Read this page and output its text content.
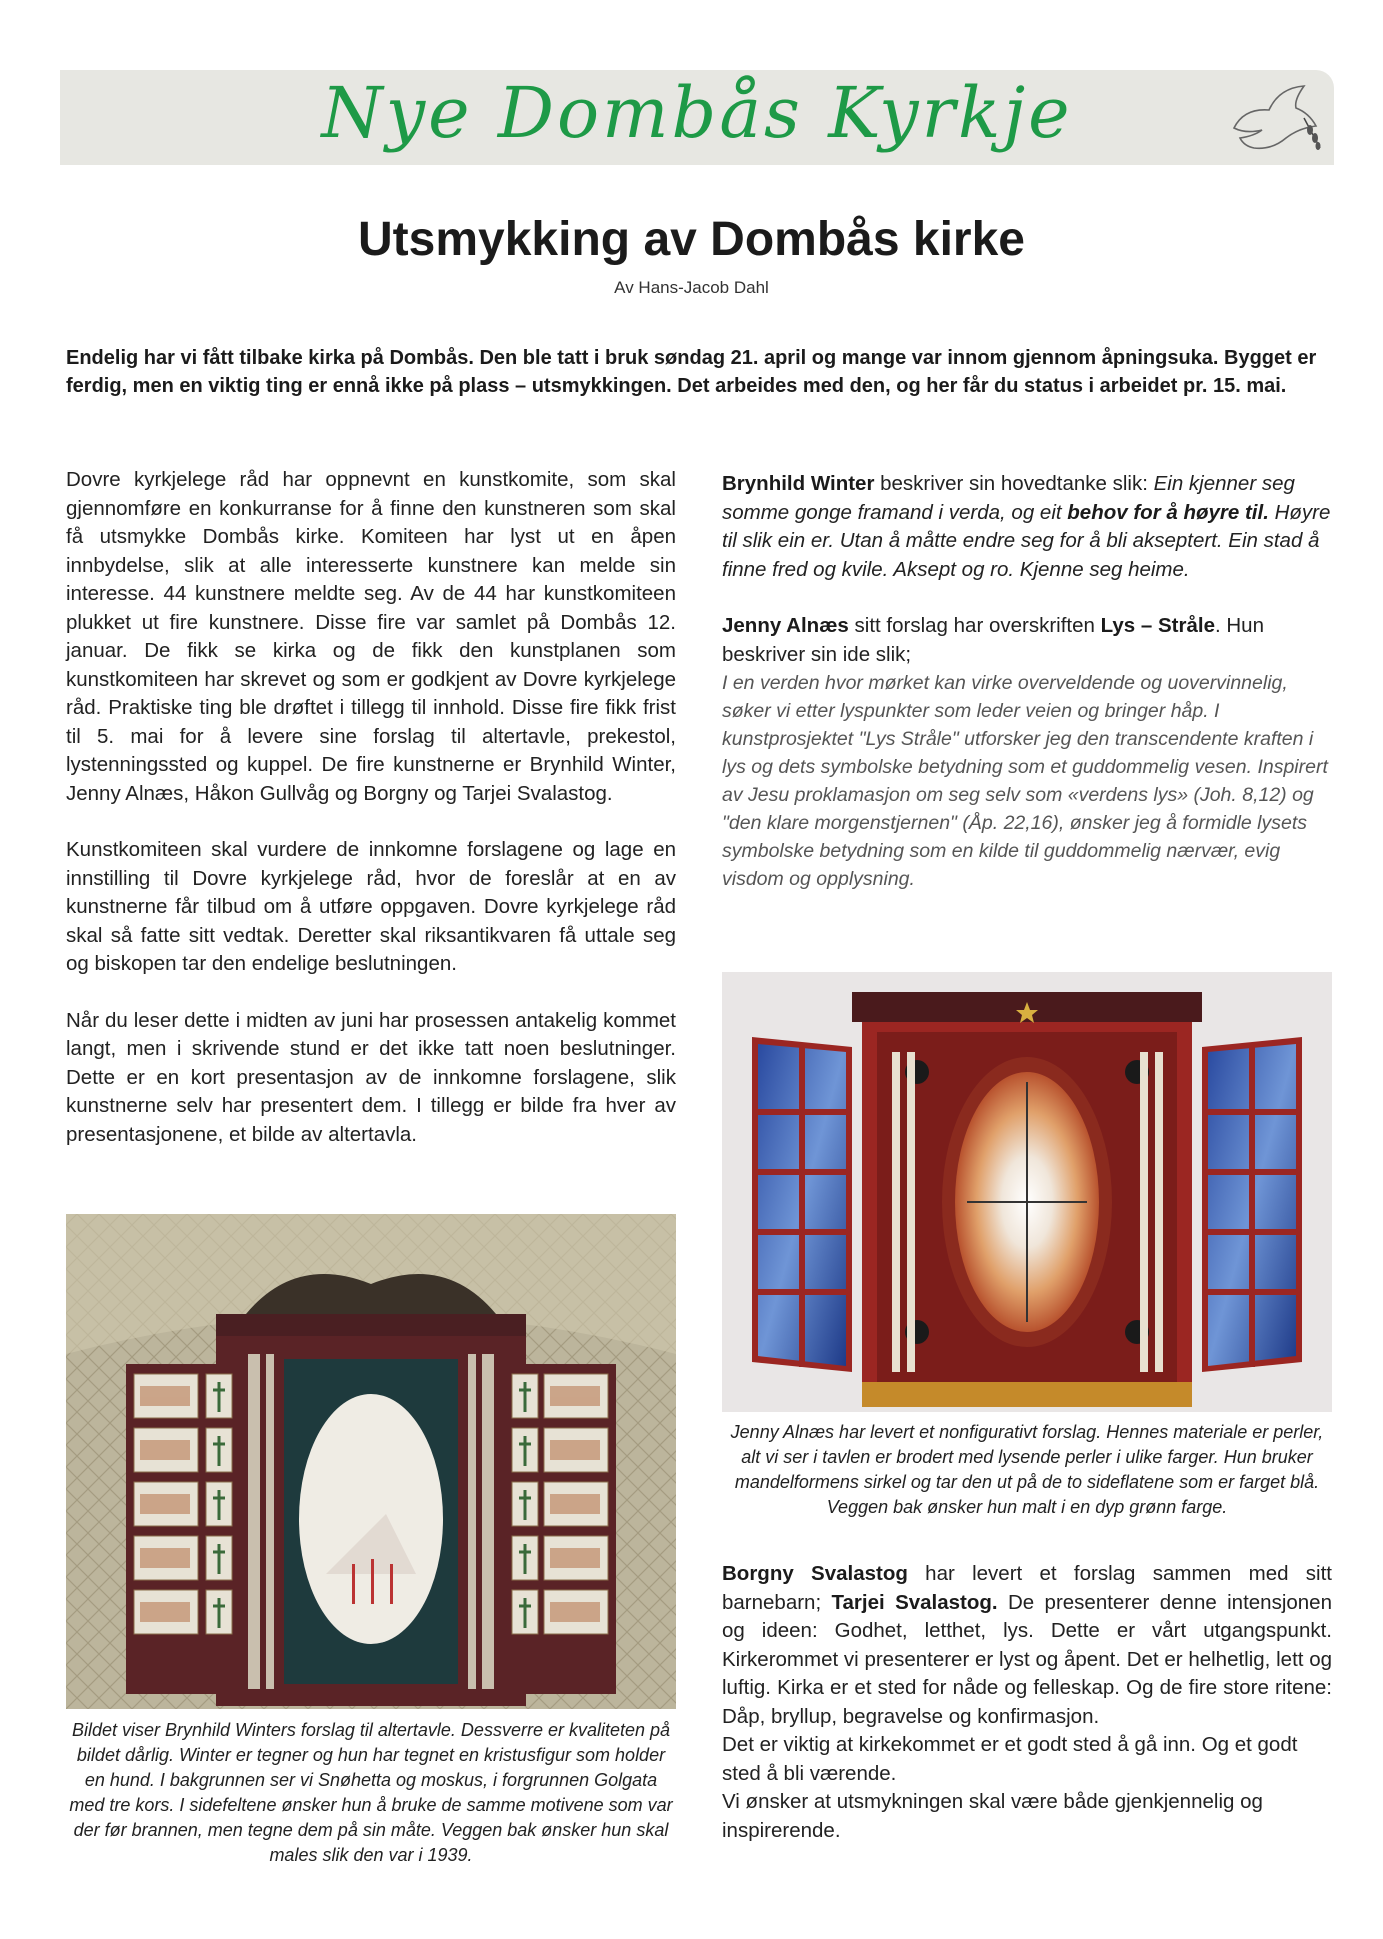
Nye Dombås Kyrkje
Utsmykking av Dombås kirke
Av Hans-Jacob Dahl
Endelig har vi fått tilbake kirka på Dombås. Den ble tatt i bruk søndag 21. april og mange var innom gjennom åpningsuka. Bygget er ferdig, men en viktig ting er ennå ikke på plass – utsmykkingen. Det arbeides med den, og her får du status i arbeidet pr. 15. mai.

Dovre kyrkjelege råd har oppnevnt en kunstkomite, som skal gjennomføre en konkurranse for å finne den kunstneren som skal få utsmykke Dombås kirke. Komiteen har lyst ut en åpen innbydelse, slik at alle interesserte kunstnere kan melde sin interesse. 44 kunstnere meldte seg. Av de 44 har kunstkomiteen plukket ut fire kunstnere. Disse fire var samlet på Dombås 12. januar. De fikk se kirka og de fikk den kunstplanen som kunstkomiteen har skrevet og som er godkjent av Dovre kyrkjelege råd. Praktiske ting ble drøftet i tillegg til innhold. Disse fire fikk frist til 5. mai for å levere sine forslag til altertavle, prekestol, lystenningssted og kuppel. De fire kunstnerne er Brynhild Winter, Jenny Alnæs, Håkon Gullvåg og Borgny og Tarjei Svalastog.

Kunstkomiteen skal vurdere de innkomne forslagene og lage en innstilling til Dovre kyrkjelege råd, hvor de foreslår at en av kunstnerne får tilbud om å utføre oppgaven. Dovre kyrkjelege råd skal så fatte sitt vedtak. Deretter skal riksantikvaren få uttale seg og biskopen tar den endelige beslutningen.

Når du leser dette i midten av juni har prosessen antakelig kommet langt, men i skrivende stund er det ikke tatt noen beslutninger. Dette er en kort presentasjon av de innkomne forslagene, slik kunstnerne selv har presentert dem. I tillegg er bilde fra hver av presentasjonene, et bilde av altertavla.

Bildet viser Brynhild Winters forslag til altertavle. Dessverre er kvaliteten på bildet dårlig. Winter er tegner og hun har tegnet en kristusfigur som holder en hund. I bakgrunnen ser vi Snøhetta og moskus, i forgrunnen Golgata med tre kors. I sidefeltene ønsker hun å bruke de samme motivene som var der før brannen, men tegne dem på sin måte. Veggen bak ønsker hun skal males slik den var i 1939.

Brynhild Winter beskriver sin hovedtanke slik: Ein kjenner seg somme gonge framand i verda, og eit behov for å høyre til. Høyre til slik ein er. Utan å måtte endre seg for å bli akseptert. Ein stad å finne fred og kvile. Aksept og ro. Kjenne seg heime.

Jenny Alnæs sitt forslag har overskriften Lys – Stråle. Hun beskriver sin ide slik;
I en verden hvor mørket kan virke overveldende og uovervinnelig, søker vi etter lyspunkter som leder veien og bringer håp. I kunstprosjektet "Lys Stråle" utforsker jeg den transcendente kraften i lys og dets symbolske betydning som et guddommelig vesen. Inspirert av Jesu proklamasjon om seg selv som «verdens lys» (Joh. 8,12) og "den klare morgenstjernen" (Åp. 22,16), ønsker jeg å formidle lysets symbolske betydning som en kilde til guddommelig nærvær, evig visdom og opplysning.

Jenny Alnæs har levert et nonfigurativt forslag. Hennes materiale er perler, alt vi ser i tavlen er brodert med lysende perler i ulike farger. Hun bruker mandelformens sirkel og tar den ut på de to sideflatene som er farget blå. Veggen bak ønsker hun malt i en dyp grønn farge.

Borgny Svalastog har levert et forslag sammen med sitt barnebarn; Tarjei Svalastog. De presenterer denne intensjonen og ideen: Godhet, letthet, lys. Dette er vårt utgangspunkt. Kirkerommet vi presenterer er lyst og åpent. Det er helhetlig, lett og luftig. Kirka er et sted for nåde og felleskap. Og de fire store ritene: Dåp, bryllup, begravelse og konfirmasjon.

Det er viktig at kirkekommet er et godt sted å gå inn. Og et godt sted å bli værende.

Vi ønsker at utsmykningen skal være både gjenkjennelig og inspirerende.
